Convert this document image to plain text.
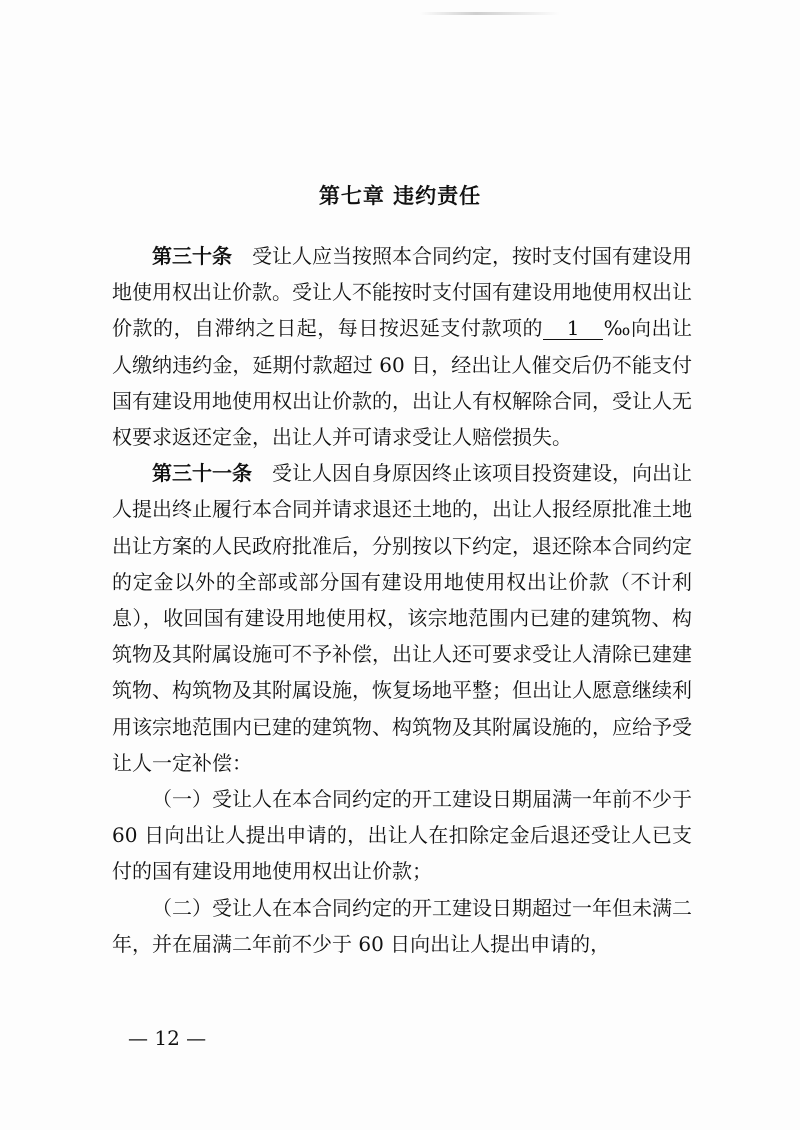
第七章 违约责任

第三十条 受让人应当按照本合同约定，按时支付国有建设用地使用权出让价款。受让人不能按时支付国有建设用地使用权出让价款的，自滞纳之日起，每日按迟延支付款项的 1 ‰向出让人缴纳违约金，延期付款超过 60 日，经出让人催交后仍不能支付国有建设用地使用权出让价款的，出让人有权解除合同，受让人无权要求返还定金，出让人并可请求受让人赔偿损失。

第三十一条 受让人因自身原因终止该项目投资建设，向出让人提出终止履行本合同并请求退还土地的，出让人报经原批准土地出让方案的人民政府批准后，分别按以下约定，退还除本合同约定的定金以外的全部或部分国有建设用地使用权出让价款（不计利息），收回国有建设用地使用权，该宗地范围内已建的建筑物、构筑物及其附属设施可不予补偿，出让人还可要求受让人清除已建建筑物、构筑物及其附属设施，恢复场地平整；但出让人愿意继续利用该宗地范围内已建的建筑物、构筑物及其附属设施的，应给予受让人一定补偿：

（一）受让人在本合同约定的开工建设日期届满一年前不少于 60 日向出让人提出申请的，出让人在扣除定金后退还受让人已支付的国有建设用地使用权出让价款；

（二）受让人在本合同约定的开工建设日期超过一年但未满二年，并在届满二年前不少于 60 日向出让人提出申请的，

— 12 —
